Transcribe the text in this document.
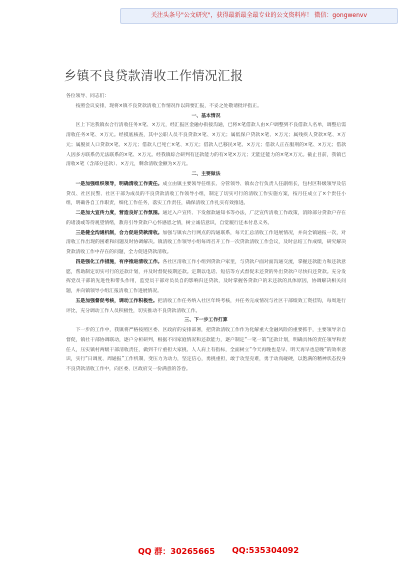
关注头条号"公文研究"，获得最新最全最专业的公文资料库！ 微信：gongwenvv
乡镇不良贷款清收工作情况汇报

各位领导、同志们：

按照会议安排，现将×镇不良贷款清收工作情况作以简要汇报，不妥之处敬请批评指正。

一、基本情况

区上下达我镇农合行清收任务×笔、×万元，经汇报区金融办衔接沟通，已将×笔借款人由×户调整到不良借款人名单，调整后需清收任务×笔、×万元。经摸底核查，其中公职人员不良贷款×笔、×万元；属低保户贷款×笔、×万元；属残疾人贷款×笔、×万元；属脱贫人口贷款×笔、×万元；借款人已死亡×笔、×万元；借款人已移民×笔、×万元；借款人正在服刑的×笔、×万元；借款人因多方联系仍无法联系的×笔、×万元。经我镇综合研判有还款能力的有×笔×万元；无能还能力的×笔×万元。截止目前，我镇已清收×笔（含部分还款）、×万元，剩余清收金额为×万元。

二、主要做法

一是加强组织领导，明确清收工作责任。成立由镇主要领导任组长、分管领导、镇农合行负责人任副组长，包村区科级领导及信贷员、社区民警、社区干部为成员的不良贷款清收工作领导小组，制定了切实可行的清收工作实施方案，按月任成立了×个贵任小组，明确各自工作职责，细化工作任务，落实工作责任，确保清收工作扎实有效推进。

二是加大宣传力度，营造良好工作氛围。通过入户宣传、下发催款通知书等办法，广泛宣传清收工作政策，消除部分贷款户存在的诸凑或等待观望情绪，教育引导贷款户心怀感恩之情，树立诚信意识，自觉履行还本付息义务。

三是健全沟通机制，合力促进贷款清收。加强与镇农合行网点的沟通联系，每天汇总清收工作进展情况，并向全镇通报一次，对清收工作出现的困难和问题及时协调解决。镇清收工作领导小组每周召开工作一次贷款清收工作会议，及时总结工作成绩，研究解决贷款清收工作中存在的问题，全力促进贷款清收。

四是强化工作措施，有序推进清收工作。各社区清收工作小组到贷款户家里，与贷款户面对面沟通交流，掌握还款能力和还款意愿，帮助制定切实可行的还款计划，并及时督促按期还款。定期以电话、短信等方式督促未还贷的外出贷款户尽快归还贷款。充分发挥党员干部的先进性和带头作用，监党员干部对员员自的影响归还贷款，及时掌握各贷款户的未还款的具体原因，协调解决相关问题，并向镇领导小组汇报清收工作进展情况。

五是加强督促考核，调动工作积极性。把清收工作任务纳入社区年终考核，并任务完成情况与社区干部绩效工资挂钩，每周进行评比，充分调动工作人员积极性，切实推动不良贷款清收工作。

三、下一步工作打算

下一步的工作中，我镇将严格按照区委、区政府的安排部署，把贷款清收工作作为化解重大金融风险的重要抓手，主要领导亲自督促，镇社干部协调联动，逐户分析研判，根据不同家庭情况和还款能力，逐户制定“一笔一策”还款计划，明确具体的责任领导和责任人，压实镇村两级干部清收责任，做到千斤重担大家挑、人人肩上有指标，全面树立“今天再晚也是早、明天再早也是晚”的效率意识，实行“日调度、周通报”工作机制，变压力为动力，坚定信心，勇挑重担，敢于攻坚克难，勇于动真碰硬，以饱满的精神状态投身不良贷款清收工作中，向区委、区政府交一份满意的答卷。

QQ 群：30265665 QQ:535304092
